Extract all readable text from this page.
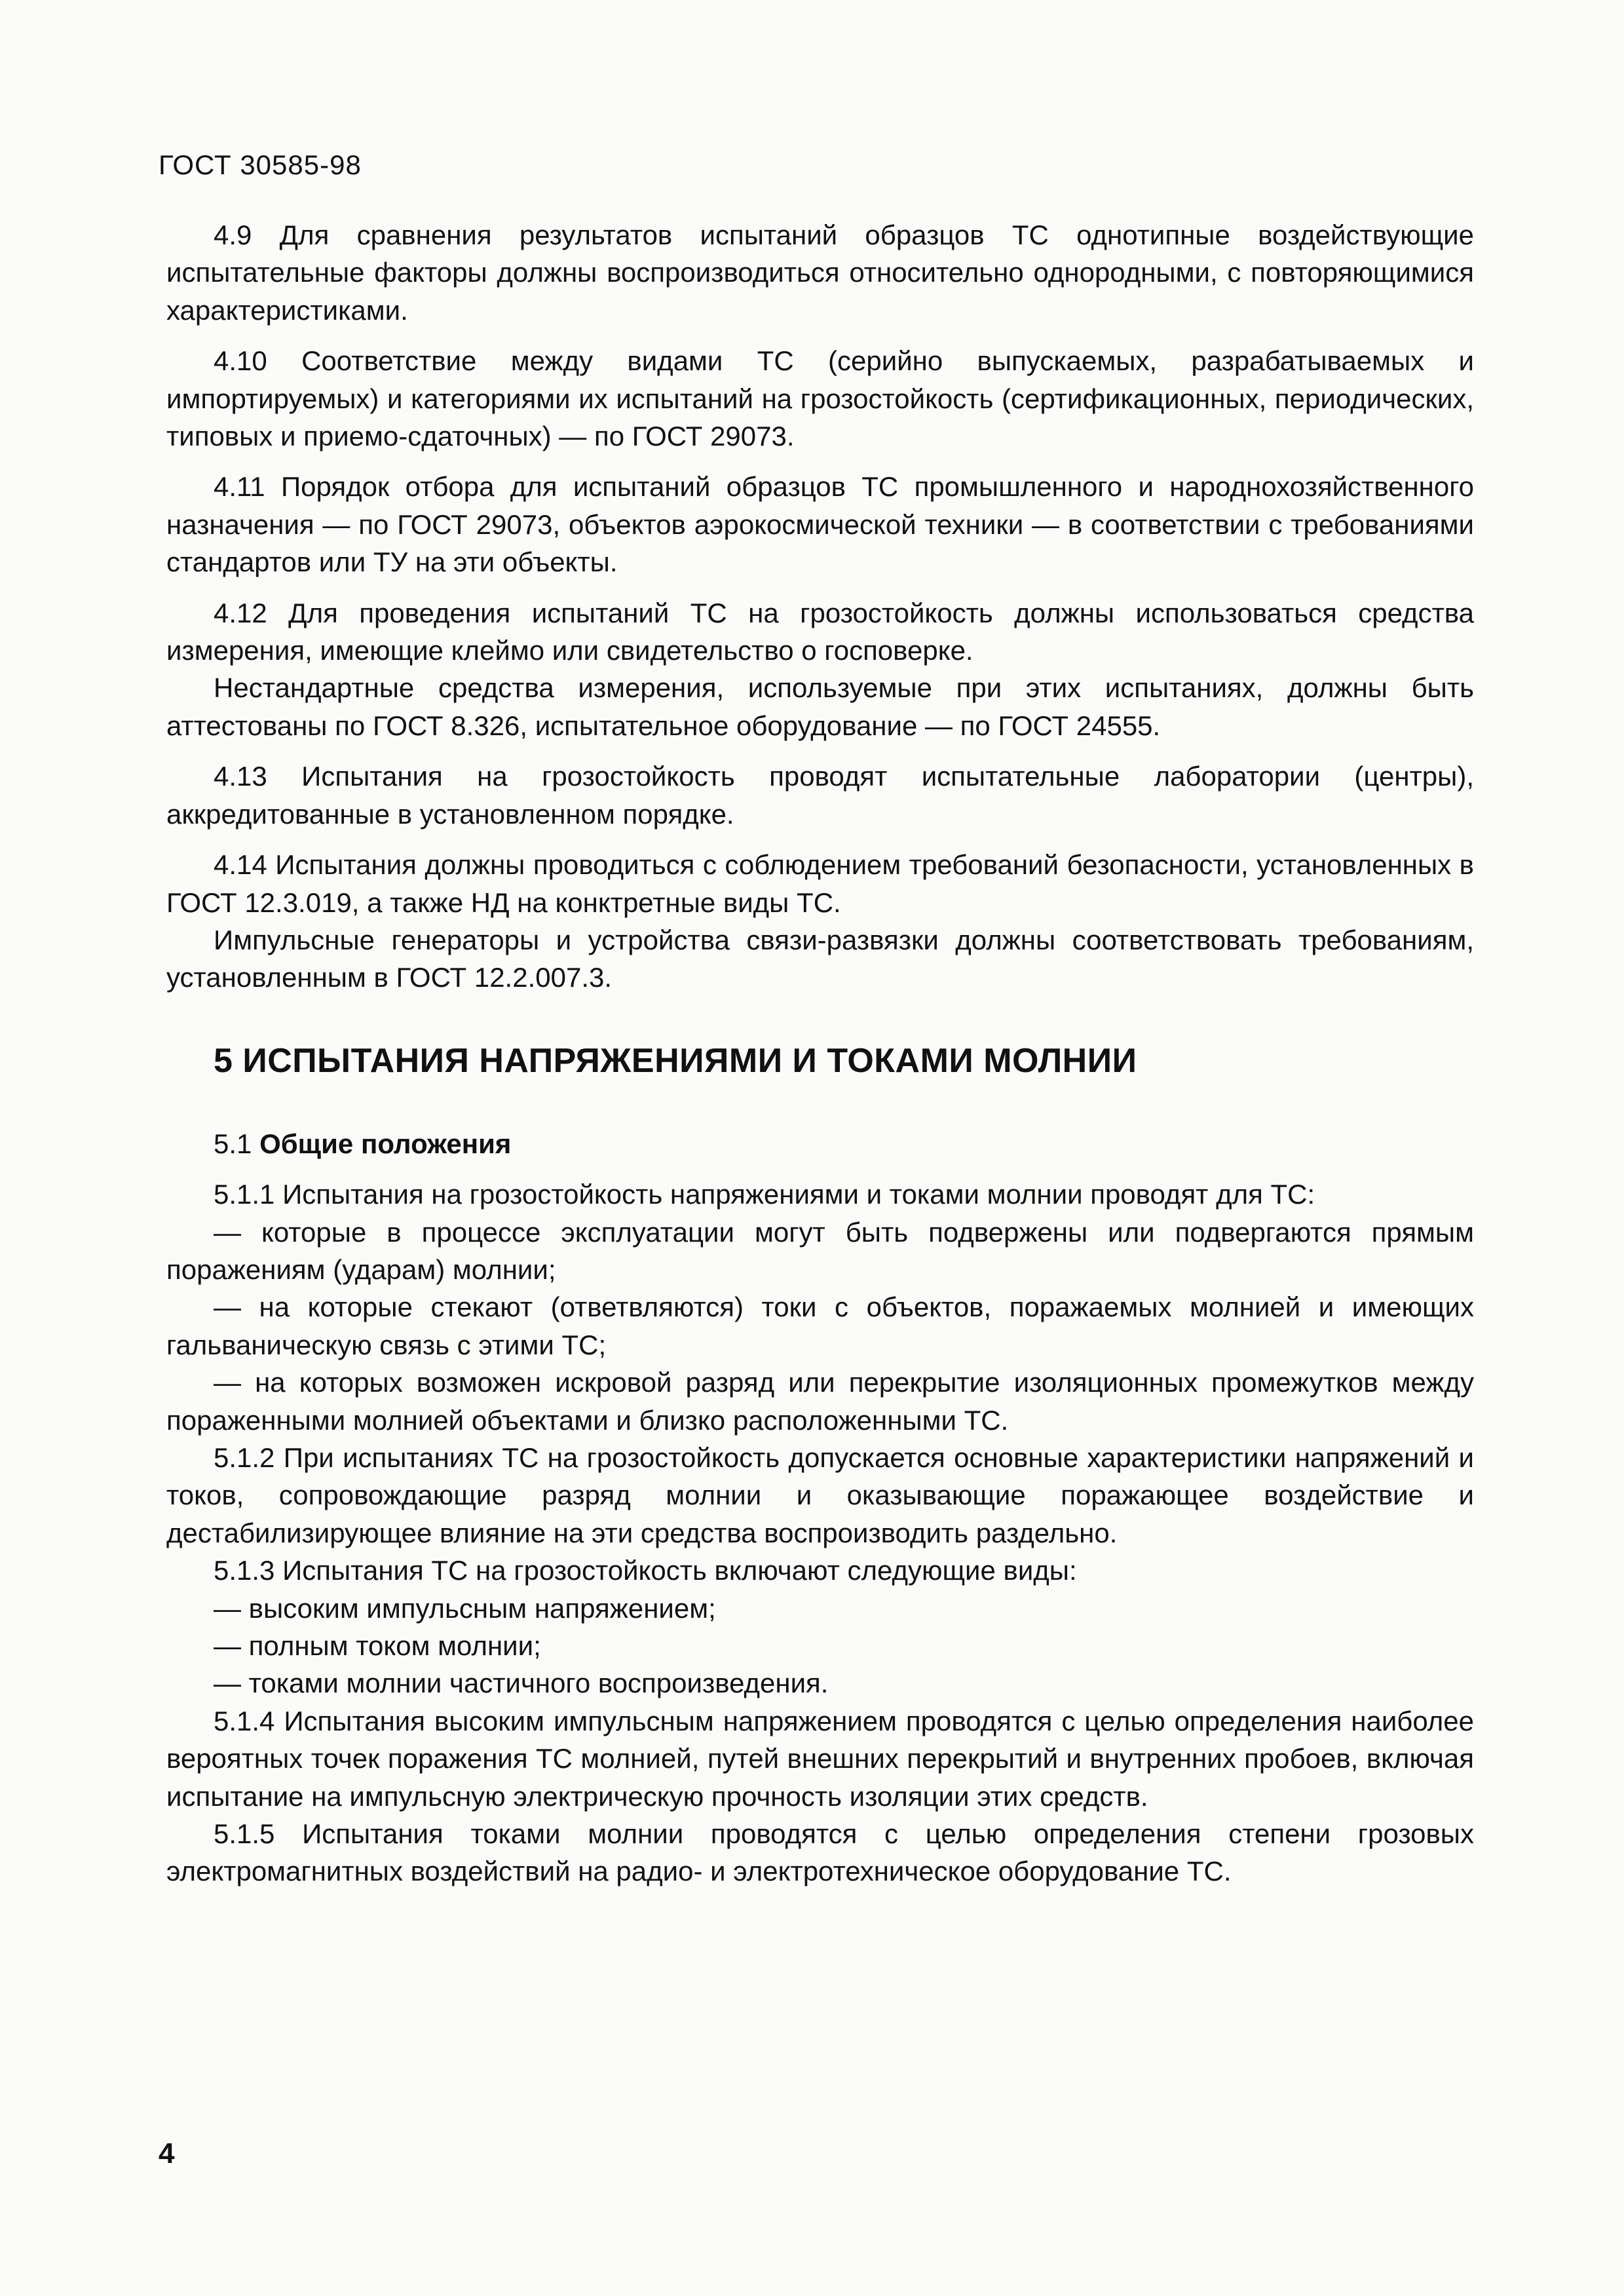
ГОСТ 30585-98

4.9 Для сравнения результатов испытаний образцов ТС однотипные воздействующие испытательные факторы должны воспроизводиться относительно однородными, с повторяющимися характеристиками.

4.10 Соответствие между видами ТС (серийно выпускаемых, разрабатываемых и импортируемых) и категориями их испытаний на грозостойкость (сертификационных, периодических, типовых и приемо-сдаточных) — по ГОСТ 29073.

4.11 Порядок отбора для испытаний образцов ТС промышленного и народнохозяйственного назначения — по ГОСТ 29073, объектов аэрокосмической техники — в соответствии с требованиями стандартов или ТУ на эти объекты.

4.12 Для проведения испытаний ТС на грозостойкость должны использоваться средства измерения, имеющие клеймо или свидетельство о госповерке.

Нестандартные средства измерения, используемые при этих испытаниях, должны быть аттестованы по ГОСТ 8.326, испытательное оборудование — по ГОСТ 24555.

4.13 Испытания на грозостойкость проводят испытательные лаборатории (центры), аккредитованные в установленном порядке.

4.14 Испытания должны проводиться с соблюдением требований безопасности, установленных в ГОСТ 12.3.019, а также НД на конктретные виды ТС.

Импульсные генераторы и устройства связи-развязки должны соответствовать требованиям, установленным в ГОСТ 12.2.007.3.

5 ИСПЫТАНИЯ НАПРЯЖЕНИЯМИ И ТОКАМИ МОЛНИИ
5.1 Общие положения

5.1.1 Испытания на грозостойкость напряжениями и токами молнии проводят для ТС:

— которые в процессе эксплуатации могут быть подвержены или подвергаются прямым поражениям (ударам) молнии;

— на которые стекают (ответвляются) токи с объектов, поражаемых молнией и имеющих гальваническую связь с этими ТС;

— на которых возможен искровой разряд или перекрытие изоляционных промежутков между пораженными молнией объектами и близко расположенными ТС.

5.1.2 При испытаниях ТС на грозостойкость допускается основные характеристики напряжений и токов, сопровождающие разряд молнии и оказывающие поражающее воздействие и дестабилизирующее влияние на эти средства воспроизводить раздельно.

5.1.3 Испытания ТС на грозостойкость включают следующие виды:

— высоким импульсным напряжением;

— полным током молнии;

— токами молнии частичного воспроизведения.

5.1.4 Испытания высоким импульсным напряжением проводятся с целью определения наиболее вероятных точек поражения ТС молнией, путей внешних перекрытий и внутренних пробоев, включая испытание на импульсную электрическую прочность изоляции этих средств.

5.1.5 Испытания токами молнии проводятся с целью определения степени грозовых электромагнитных воздействий на радио- и электротехническое оборудование ТС.

4
